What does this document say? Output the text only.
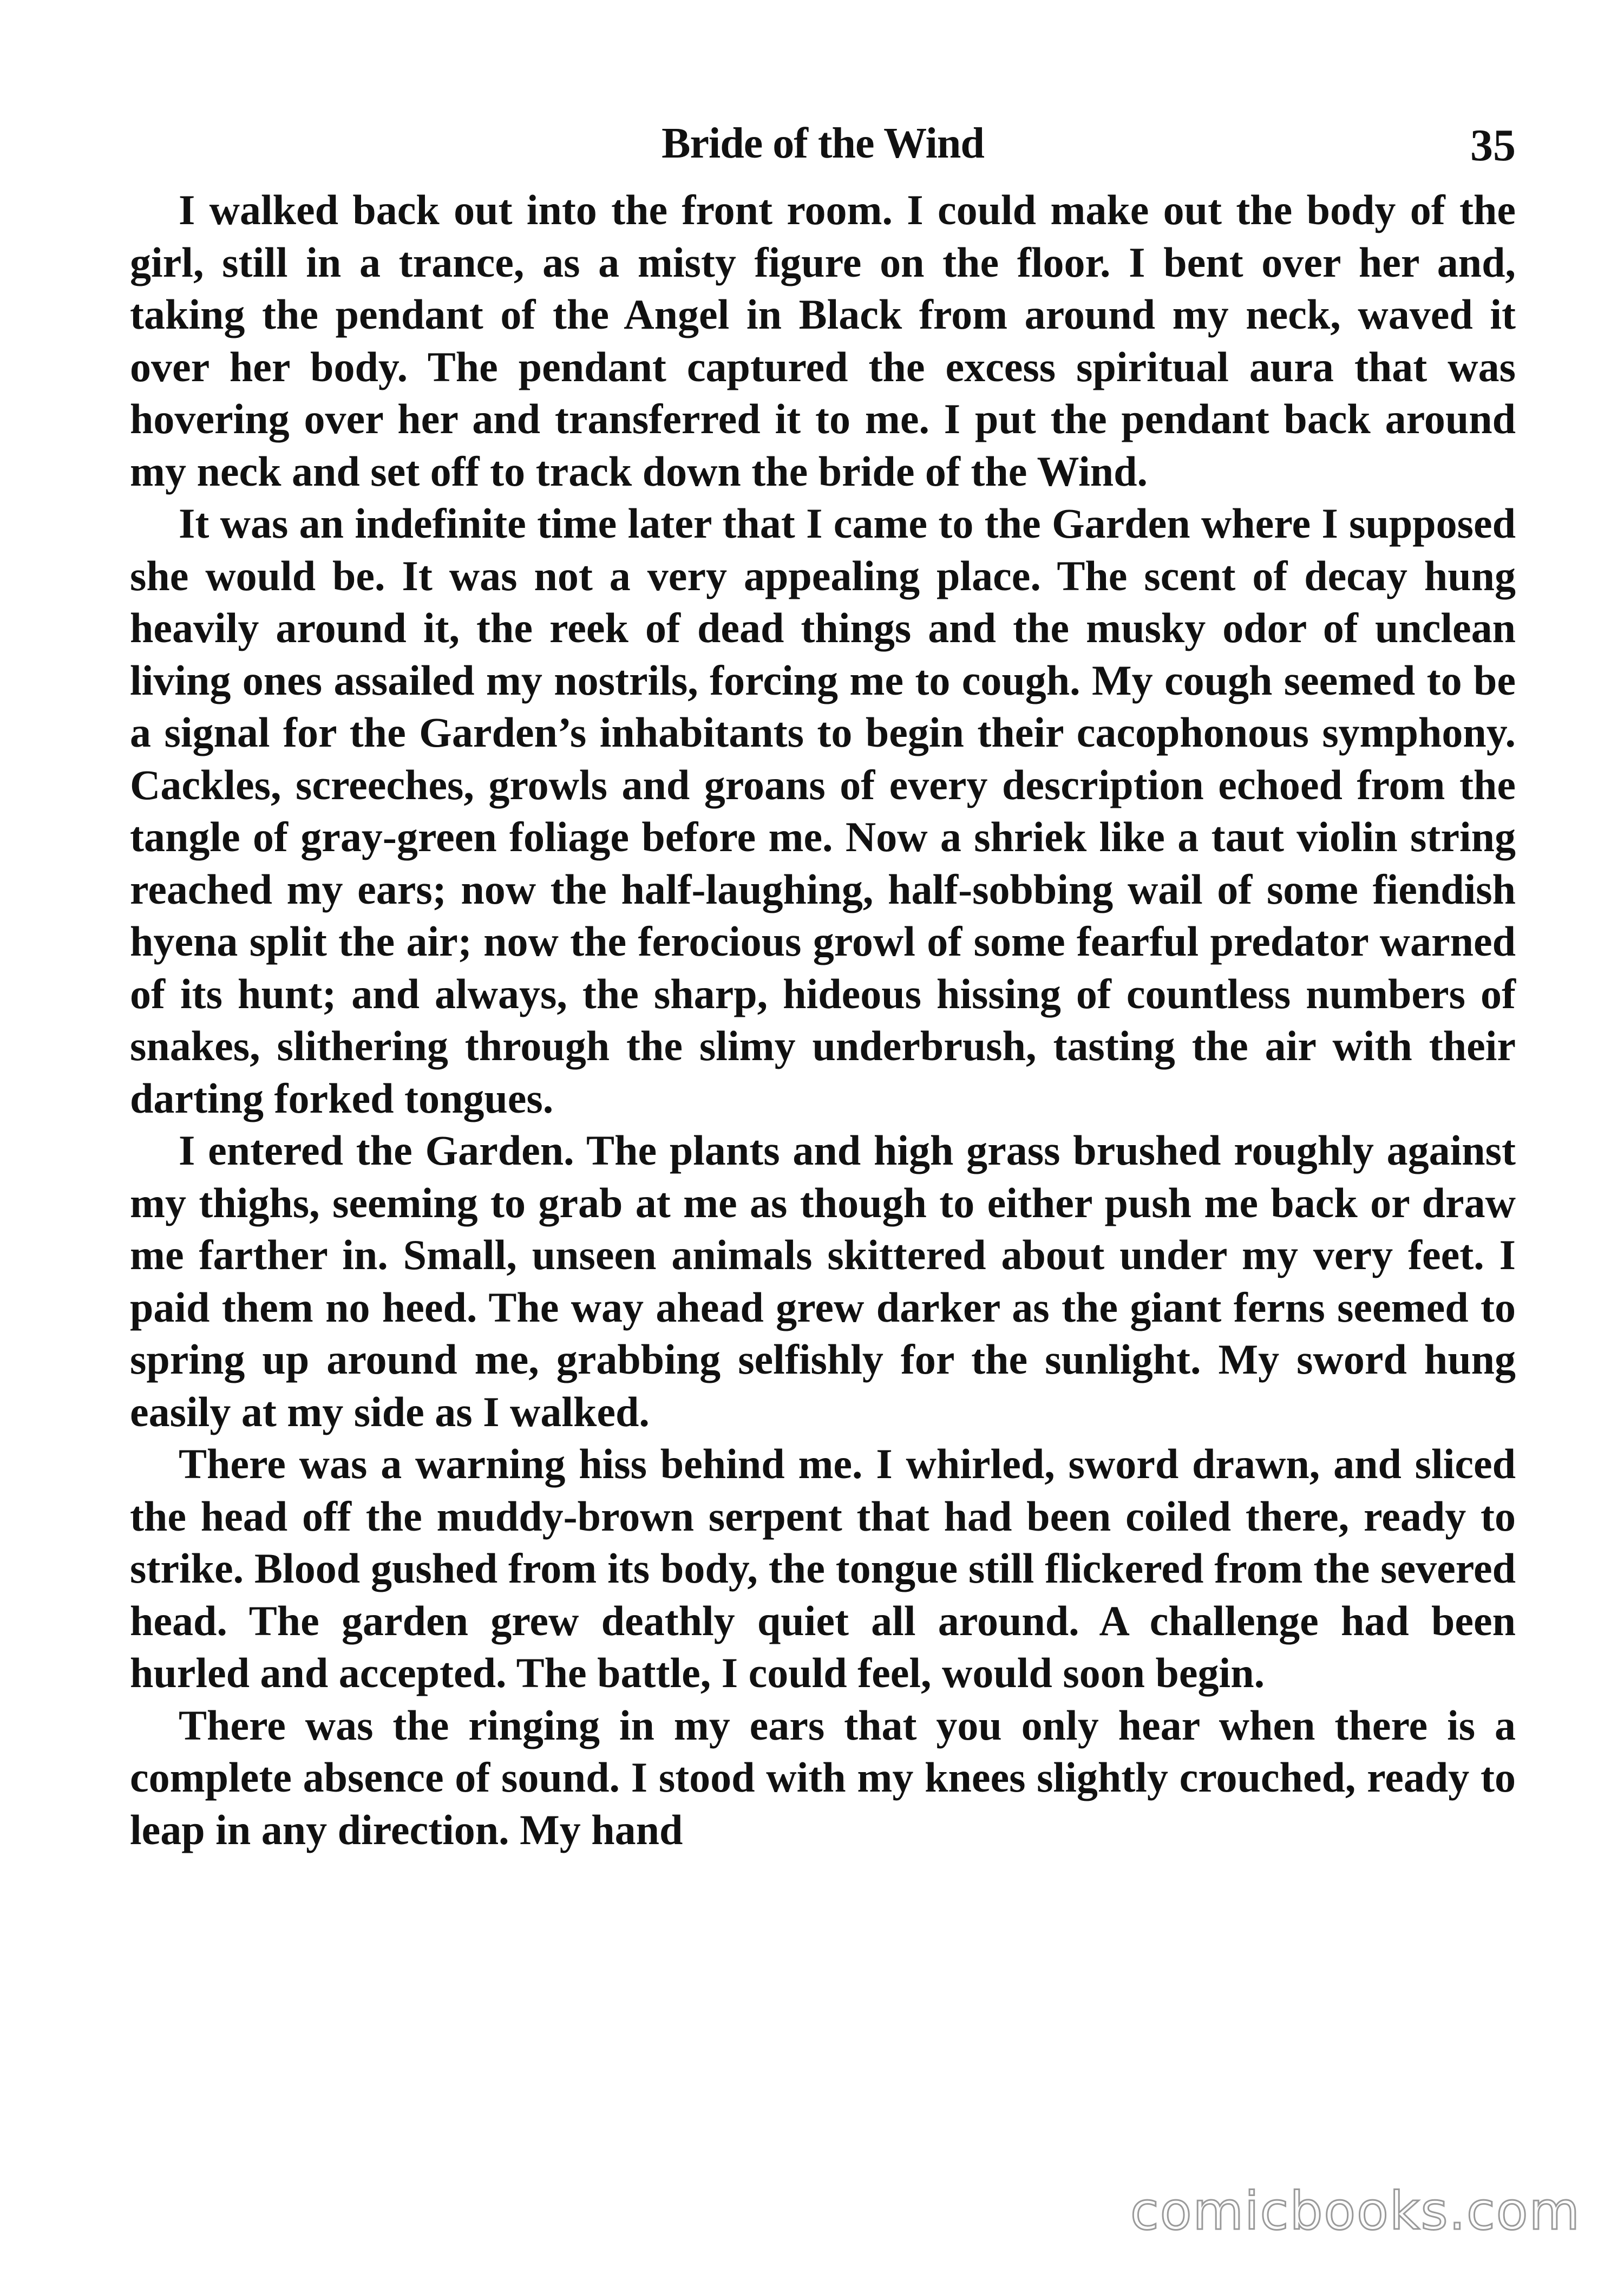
Bride of the Wind	35

I walked back out into the front room. I could make out the body of the girl, still in a trance, as a misty figure on the floor. I bent over her and, taking the pendant of the Angel in Black from around my neck, waved it over her body. The pendant captured the excess spiritual aura that was hovering over her and transferred it to me. I put the pendant back around my neck and set off to track down the bride of the Wind.

It was an indefinite time later that I came to the Garden where I supposed she would be. It was not a very appealing place. The scent of decay hung heavily around it, the reek of dead things and the musky odor of unclean living ones assailed my nostrils, forcing me to cough. My cough seemed to be a signal for the Garden’s inhabitants to begin their cacophonous symphony. Cackles, screeches, growls and groans of every description echoed from the tangle of gray-green foliage before me. Now a shriek like a taut violin string reached my ears; now the half-laughing, half-sobbing wail of some fiendish hyena split the air; now the ferocious growl of some fearful predator warned of its hunt; and always, the sharp, hideous hissing of countless numbers of snakes, slithering through the slimy underbrush, tasting the air with their darting forked tongues.

I entered the Garden. The plants and high grass brushed roughly against my thighs, seeming to grab at me as though to either push me back or draw me farther in. Small, unseen animals skittered about under my very feet. I paid them no heed. The way ahead grew darker as the giant ferns seemed to spring up around me, grabbing selfishly for the sunlight. My sword hung easily at my side as I walked.

There was a warning hiss behind me. I whirled, sword drawn, and sliced the head off the muddy-brown serpent that had been coiled there, ready to strike. Blood gushed from its body, the tongue still flickered from the severed head. The garden grew deathly quiet all around. A challenge had been hurled and accepted. The battle, I could feel, would soon begin.

There was the ringing in my ears that you only hear when there is a complete absence of sound. I stood with my knees slightly crouched, ready to leap in any direction. My hand

comicbooks.com
